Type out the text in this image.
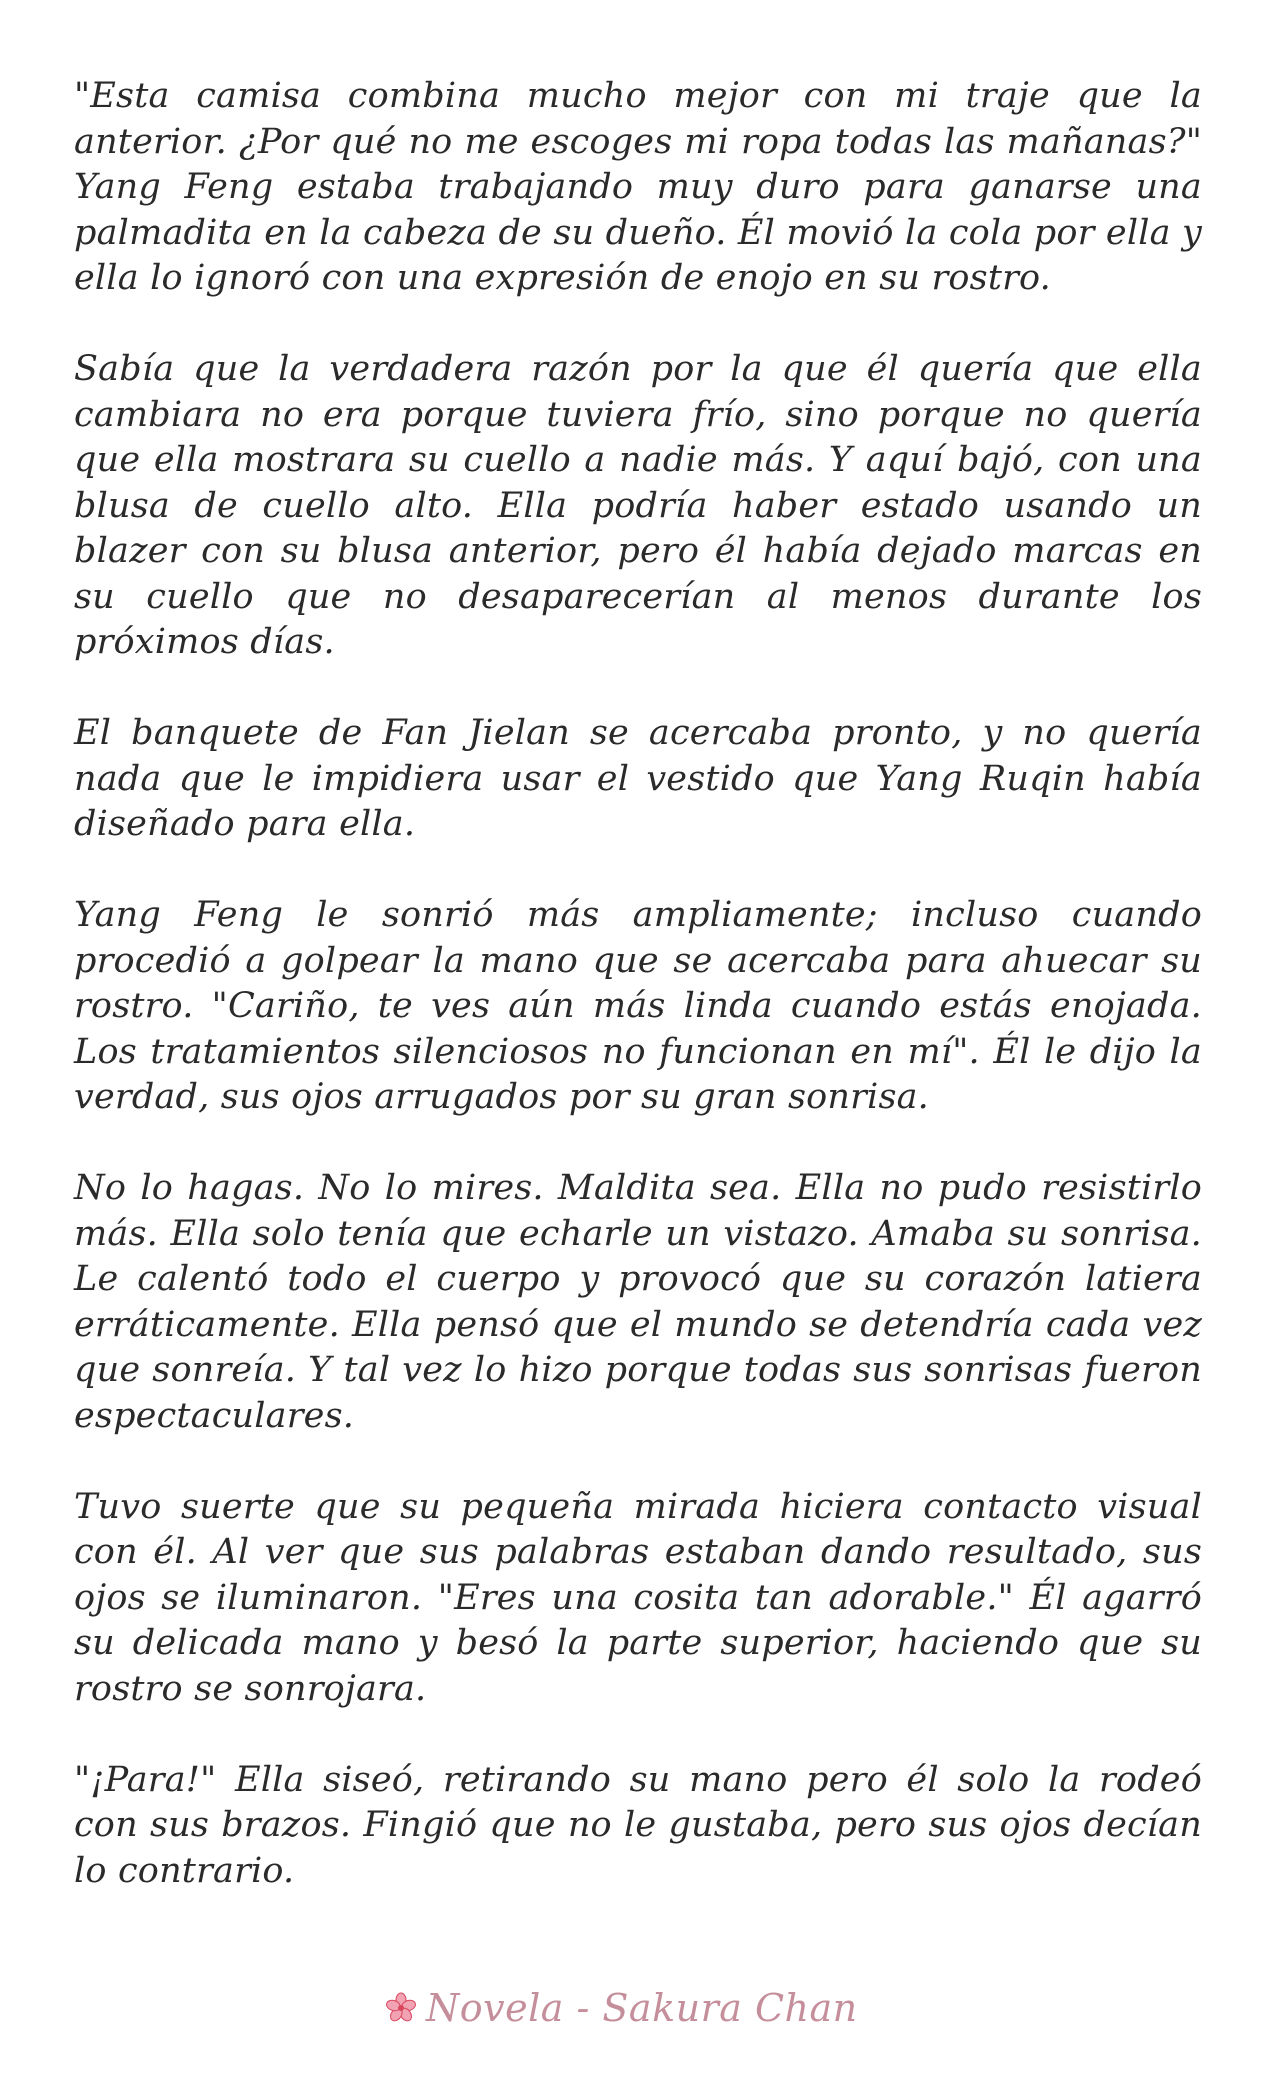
"Esta camisa combina mucho mejor con mi traje que la anterior. ¿Por qué no me escoges mi ropa todas las mañanas?" Yang Feng estaba trabajando muy duro para ganarse una palmadita en la cabeza de su dueño. Él movió la cola por ella y ella lo ignoró con una expresión de enojo en su rostro.

Sabía que la verdadera razón por la que él quería que ella cambiara no era porque tuviera frío, sino porque no quería que ella mostrara su cuello a nadie más. Y aquí bajó, con una blusa de cuello alto. Ella podría haber estado usando un blazer con su blusa anterior, pero él había dejado marcas en su cuello que no desaparecerían al menos durante los próximos días.

El banquete de Fan Jielan se acercaba pronto, y no quería nada que le impidiera usar el vestido que Yang Ruqin había diseñado para ella.

Yang Feng le sonrió más ampliamente; incluso cuando procedió a golpear la mano que se acercaba para ahuecar su rostro. "Cariño, te ves aún más linda cuando estás enojada. Los tratamientos silenciosos no funcionan en mí". Él le dijo la verdad, sus ojos arrugados por su gran sonrisa.

No lo hagas. No lo mires. Maldita sea. Ella no pudo resistirlo más. Ella solo tenía que echarle un vistazo. Amaba su sonrisa. Le calentó todo el cuerpo y provocó que su corazón latiera erráticamente. Ella pensó que el mundo se detendría cada vez que sonreía. Y tal vez lo hizo porque todas sus sonrisas fueron espectaculares.

Tuvo suerte que su pequeña mirada hiciera contacto visual con él. Al ver que sus palabras estaban dando resultado, sus ojos se iluminaron. "Eres una cosita tan adorable." Él agarró su delicada mano y besó la parte superior, haciendo que su rostro se sonrojara.

"¡Para!" Ella siseó, retirando su mano pero él solo la rodeó con sus brazos. Fingió que no le gustaba, pero sus ojos decían lo contrario.

Novela - Sakura Chan
